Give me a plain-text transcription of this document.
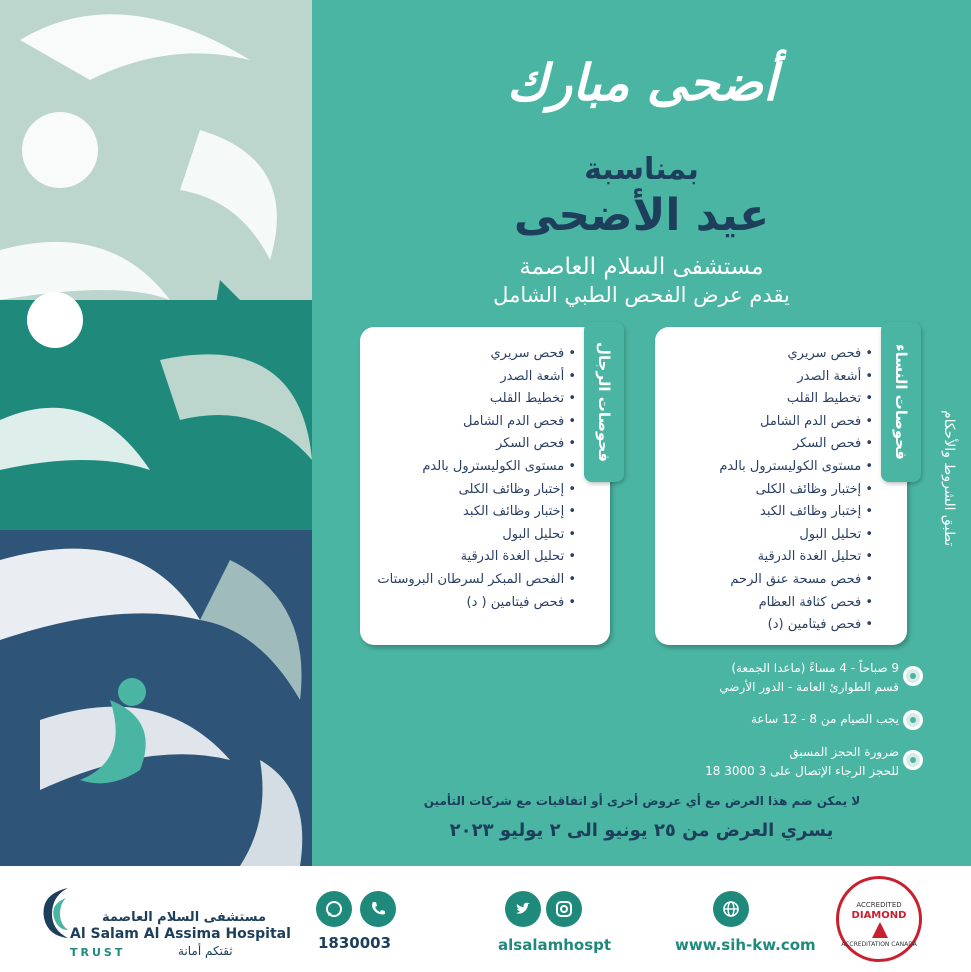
أضحى مبارك
بمناسبة
عيد الأضحى
مستشفى السلام العاصمة
يقدم عرض الفحص الطبي الشامل
تطبق الشروط والأحكام
فحوصات النساء
• فحص سريري
• أشعة الصدر
• تخطيط القلب
• فحص الدم الشامل
• فحص السكر
• مستوى الكوليسترول بالدم
• إختبار وظائف الكلى
• إختبار وظائف الكبد
• تحليل البول
• تحليل الغدة الدرقية
• فحص مسحة عنق الرحم
• فحص كثافة العظام
• فحص فيتامين (د)
فحوصات الرجال
• فحص سريري
• أشعة الصدر
• تخطيط القلب
• فحص الدم الشامل
• فحص السكر
• مستوى الكوليسترول بالدم
• إختبار وظائف الكلى
• إختبار وظائف الكبد
• تحليل البول
• تحليل الغدة الدرقية
• الفحص المبكر لسرطان البروستات
• فحص فيتامين ( د)
9 صباحاً - 4 مساءً (ماعدا الجمعة)
قسم الطوارئ العامة - الدور الأرضي
يجب الصيام من 8 - 12 ساعة
ضرورة الحجز المسبق
للحجز الرجاء الإتصال على 3 3000 18
لا يمكن ضم هذا العرض مع أي عروض أخرى أو اتفاقيات مع شركات التأمين
يسري العرض من ٢٥ يونيو الى ٢ يوليو ٢٠٢٣
مستشفى السلام العاصمة
Al Salam Al Assima Hospital
TRUST	ثقتكم أمانة	1830003	alsalamhospt	www.sih-kw.com
ACCREDITED
DIAMOND
ACCREDITATION CANADA
